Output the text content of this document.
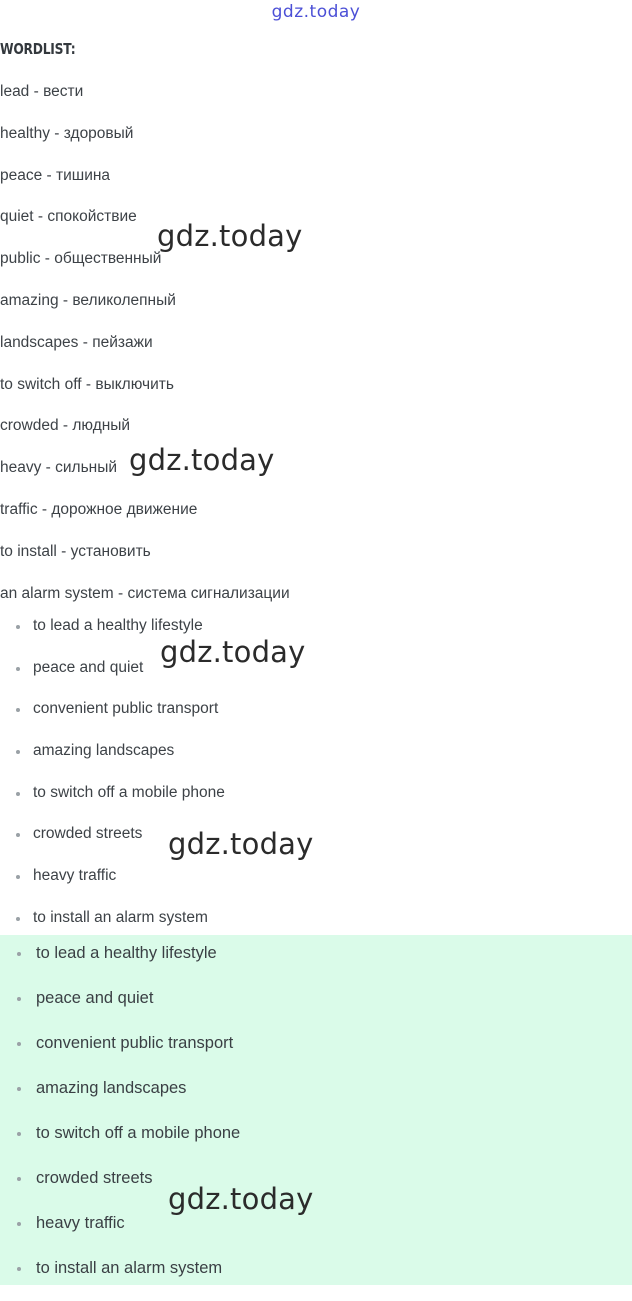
gdz.today
WORDLIST:
lead - вести
healthy - здоровый
peace - тишина
quiet - спокойствие
public - общественный
amazing - великолепный
landscapes - пейзажи
to switch off - выключить
crowded - людный
heavy - сильный
traffic - дорожное движение
to install - установить
an alarm system - система сигнализации
to lead a healthy lifestyle
peace and quiet
convenient public transport
amazing landscapes
to switch off a mobile phone
crowded streets
heavy traffic
to install an alarm system
to lead a healthy lifestyle
peace and quiet
convenient public transport
amazing landscapes
to switch off a mobile phone
crowded streets
heavy traffic
to install an alarm system
gdz.today
gdz.today
gdz.today
gdz.today
gdz.today
